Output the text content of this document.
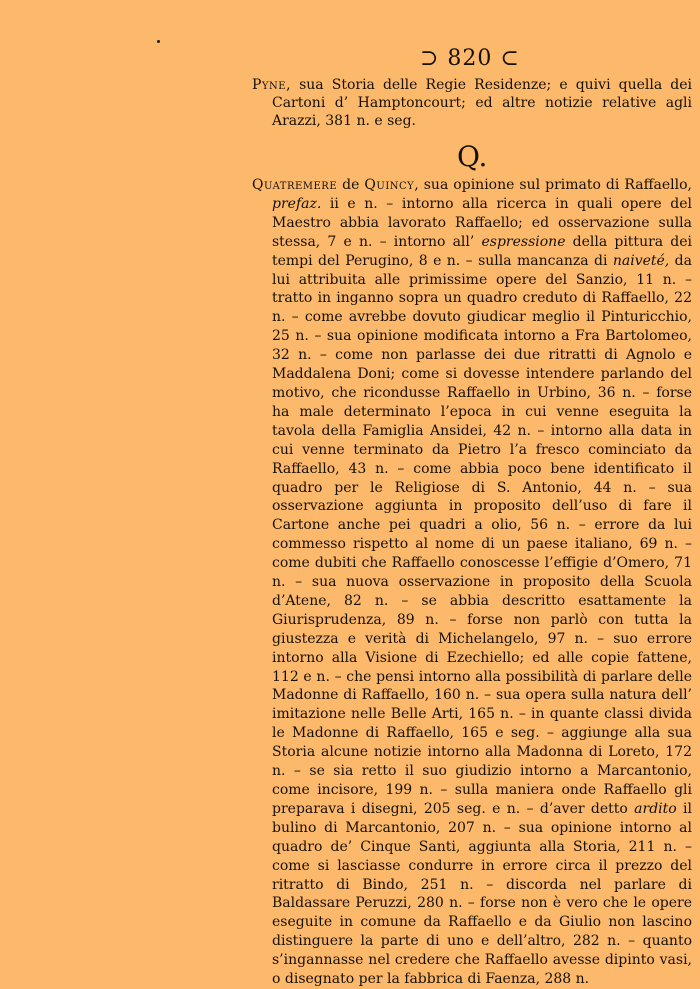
⊃ 820 ⊂

Pyne, sua Storia delle Regie Residenze; e quivi quella dei Cartoni d’ Hamptoncourt; ed altre notizie relative agli Arazzi, 381 n. e seg.

Q.

Quatremere de Quincy, sua opinione sul primato di Raffaello, prefaz. ii e n. – intorno alla ricerca in quali opere del Maestro abbia lavorato Raffaello; ed osservazione sulla stessa, 7 e n. – intorno all’ espressione della pittura dei tempi del Perugino, 8 e n. – sulla mancanza di naiveté, da lui attribuita alle primissime opere del Sanzio, 11 n. – tratto in inganno sopra un quadro creduto di Raffaello, 22 n. – come avrebbe dovuto giudicar meglio il Pinturicchio, 25 n. – sua opinione modificata intorno a Fra Bartolomeo, 32 n. – come non parlasse dei due ritratti di Agnolo e Maddalena Doni; come si dovesse intendere parlando del motivo, che ricondusse Raffaello in Urbino, 36 n. – forse ha male determinato l’epoca in cui venne eseguita la tavola della Famiglia Ansidei, 42 n. – intorno alla data in cui venne terminato da Pietro l’a fresco cominciato da Raffaello, 43 n. – come abbia poco bene identificato il quadro per le Religiose di S. Antonio, 44 n. – sua osservazione aggiunta in proposito dell’uso di fare il Cartone anche pei quadri a olio, 56 n. – errore da lui commesso rispetto al nome di un paese italiano, 69 n. – come dubiti che Raffaello conoscesse l’effigie d’Omero, 71 n. – sua nuova osservazione in proposito della Scuola d’Atene, 82 n. – se abbia descritto esattamente la Giurisprudenza, 89 n. – forse non parlò con tutta la giustezza e verità di Michelangelo, 97 n. – suo errore intorno alla Visione di Ezechiello; ed alle copie fattene, 112 e n. – che pensi intorno alla possibilità di parlare delle Madonne di Raffaello, 160 n. – sua opera sulla natura dell’ imitazione nelle Belle Arti, 165 n. – in quante classi divida le Madonne di Raffaello, 165 e seg. – aggiunge alla sua Storia alcune notizie intorno alla Madonna di Loreto, 172 n. – se sia retto il suo giudizio intorno a Marcantonio, come incisore, 199 n. – sulla maniera onde Raffaello gli preparava i disegni, 205 seg. e n. – d’aver detto ardito il bulino di Marcantonio, 207 n. – sua opinione intorno al quadro de’ Cinque Santi, aggiunta alla Storia, 211 n. – come si lasciasse condurre in errore circa il prezzo del ritratto di Bindo, 251 n. – discorda nel parlare di Baldassare Peruzzi, 280 n. – forse non è vero che le opere eseguite in comune da Raffaello e da Giulio non lascino distinguere la parte di uno e dell’altro, 282 n. – quanto s’ingannasse nel credere che Raffaello avesse dipinto vasi, o disegnato per la fabbrica di Faenza, 288 n.
